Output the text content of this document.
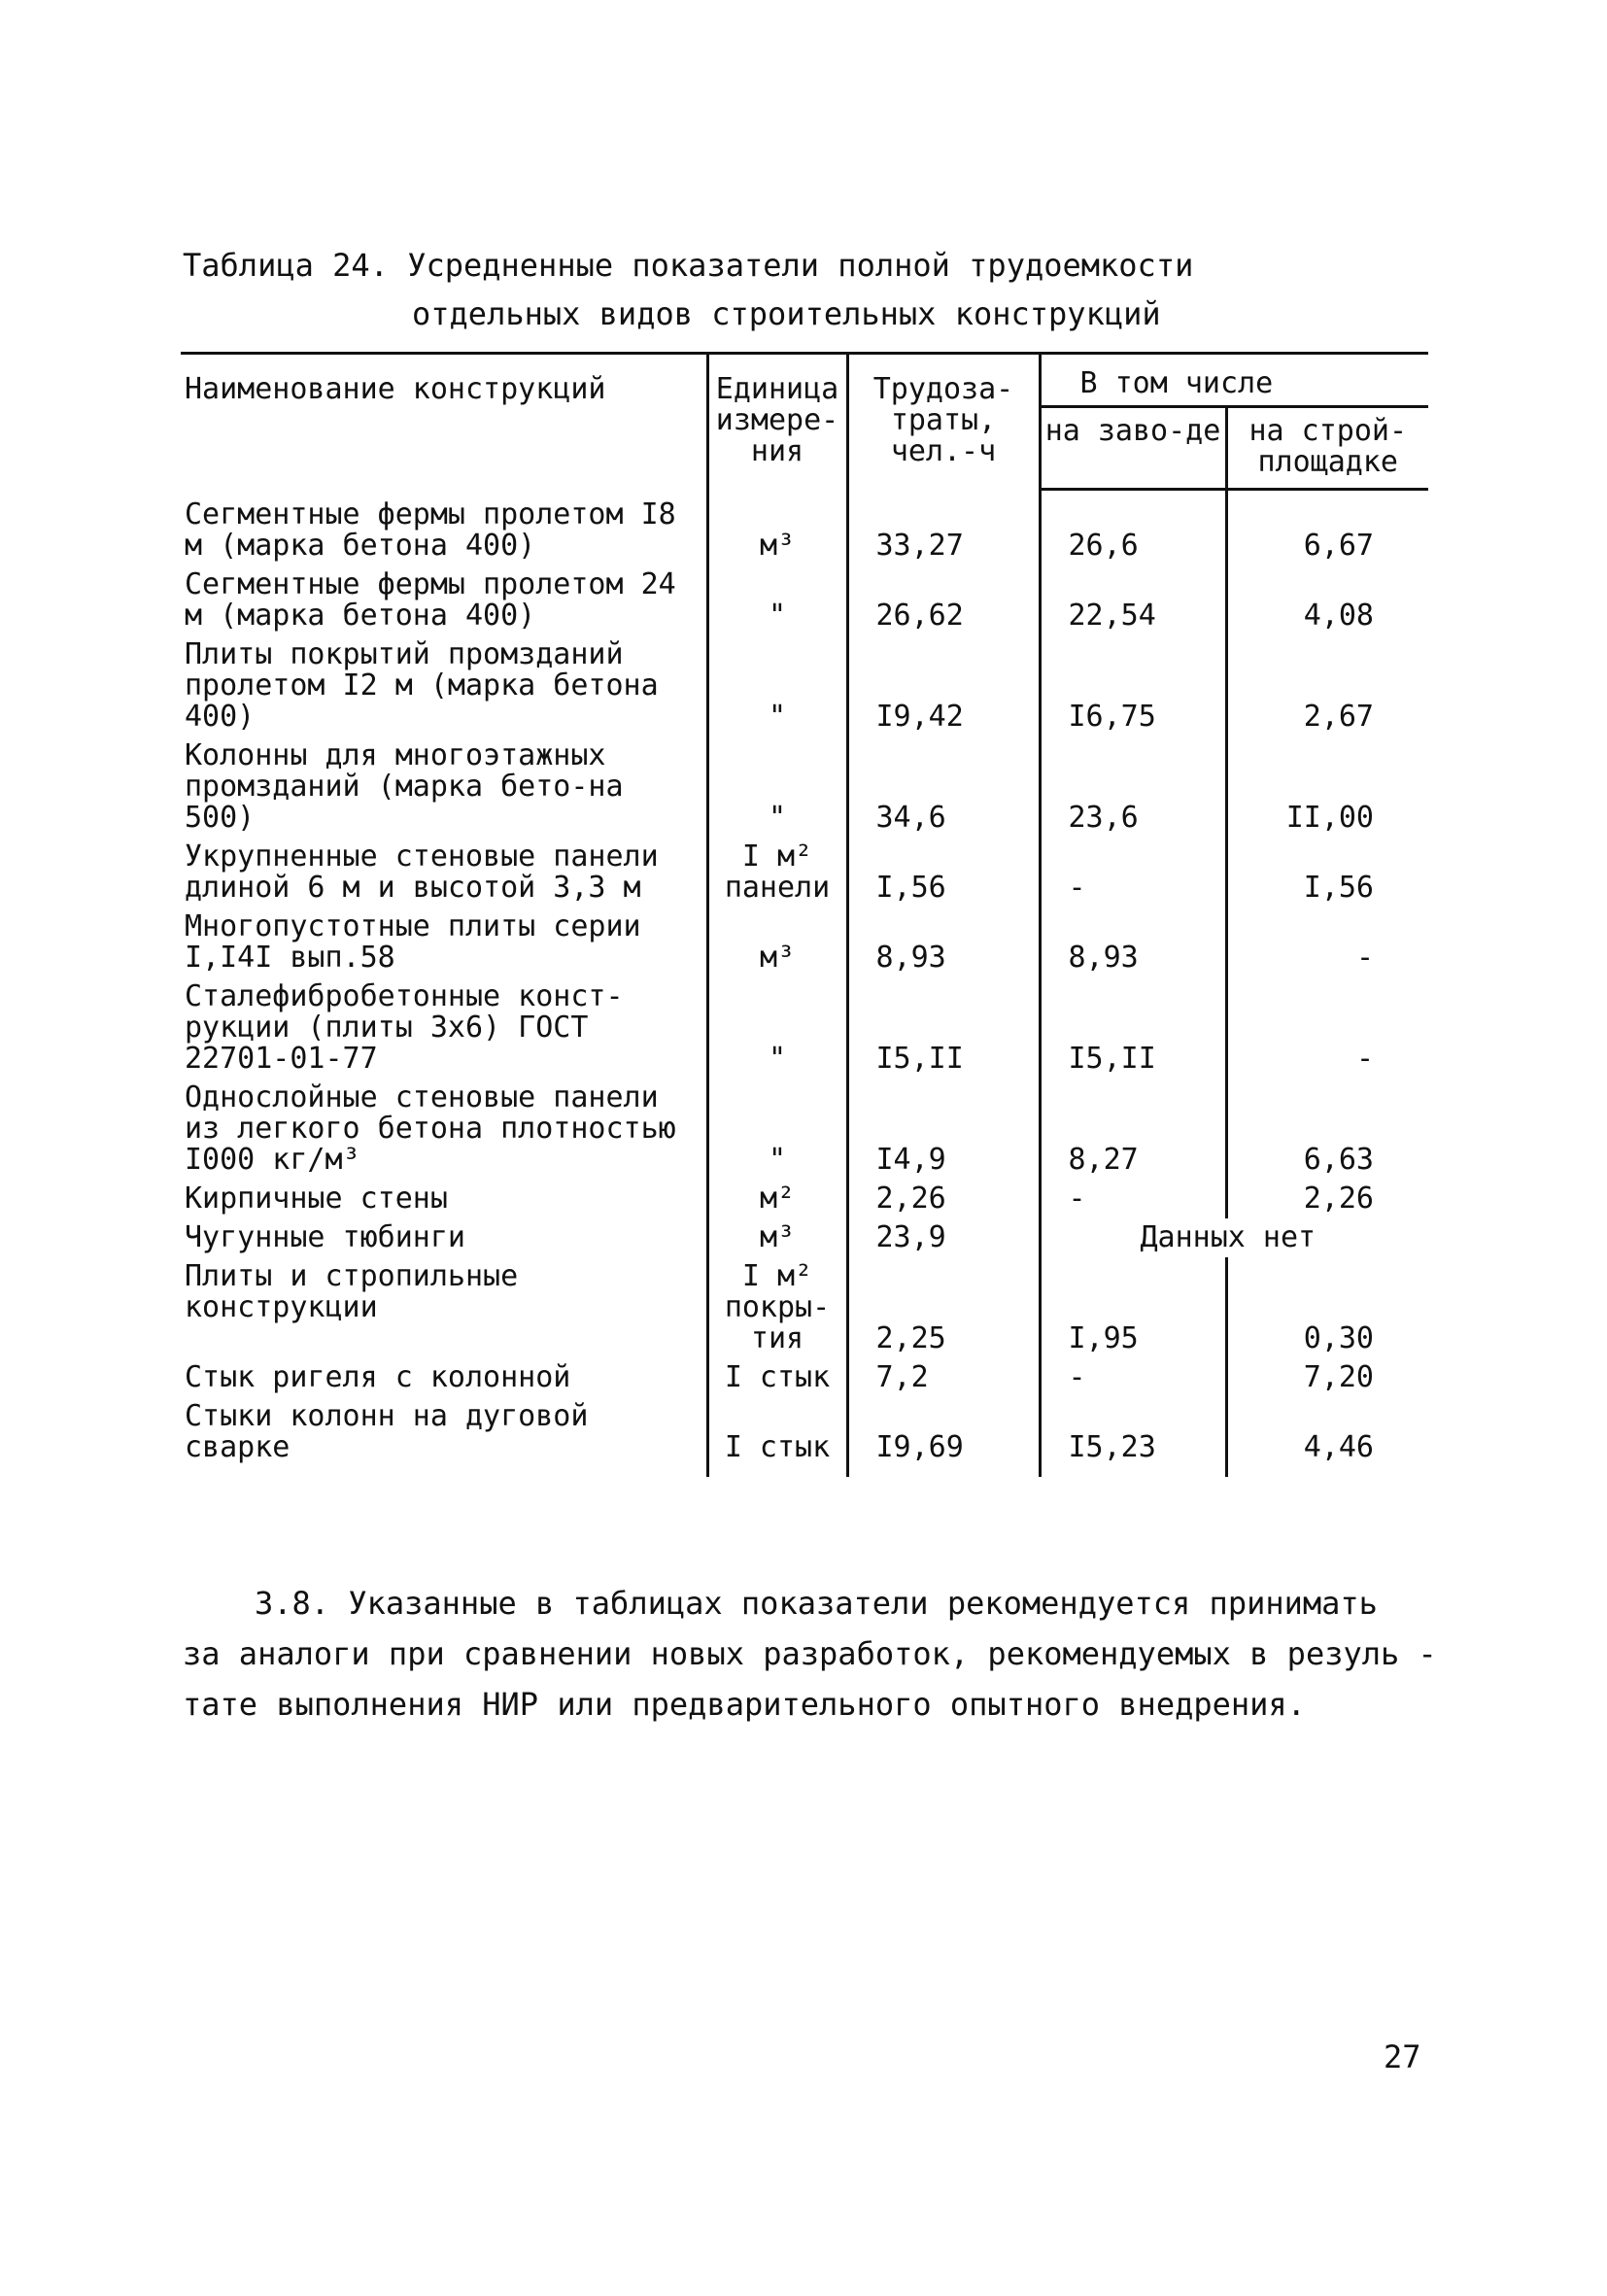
Таблица 24. Усредненные показатели полной трудоемкости
отдельных видов строительных конструкций
Наименование конструкций	Единица измере-ния	Трудоза-траты, чел.-ч	В том числе	
			на заво-де	на строй-площадке
Сегментные фермы пролетом I8 м (марка бетона 400)	м³	33,27	26,6	6,67
Сегментные фермы пролетом 24 м (марка бетона 400)	"	26,62	22,54	4,08
Плиты покрытий промзданий пролетом I2 м (марка бетона 400)	"	I9,42	I6,75	2,67
Колонны для многоэтажных промзданий (марка бето-на 500)	"	34,6	23,6	II,00
Укрупненные стеновые панели длиной 6 м и высотой 3,3 м	I м² панели	I,56	-	I,56
Многопустотные плиты серии I,I4I вып.58	м³	8,93	8,93	-
Сталефибробетонные конст-рукции (плиты 3х6) ГОСТ 22701-01-77	"	I5,II	I5,II	-
Однослойные стеновые панели из легкого бетона плотностью I000 кг/м³	"	I4,9	8,27	6,63
Кирпичные стены	м²	2,26	-	2,26
Чугунные тюбинги	м³	23,9	Данных нет	
Плиты и стропильные конструкции	I м² покры-тия	2,25	I,95	0,30
Стык ригеля с колонной	I стык	7,2	-	7,20
Стыки колонн на дуговой сварке	I стык	I9,69	I5,23	4,46
3.8. Указанные в таблицах показатели рекомендуется принимать
за аналоги при сравнении новых разработок, рекомендуемых в резуль -
тате выполнения НИР или предварительного опытного внедрения.
27
